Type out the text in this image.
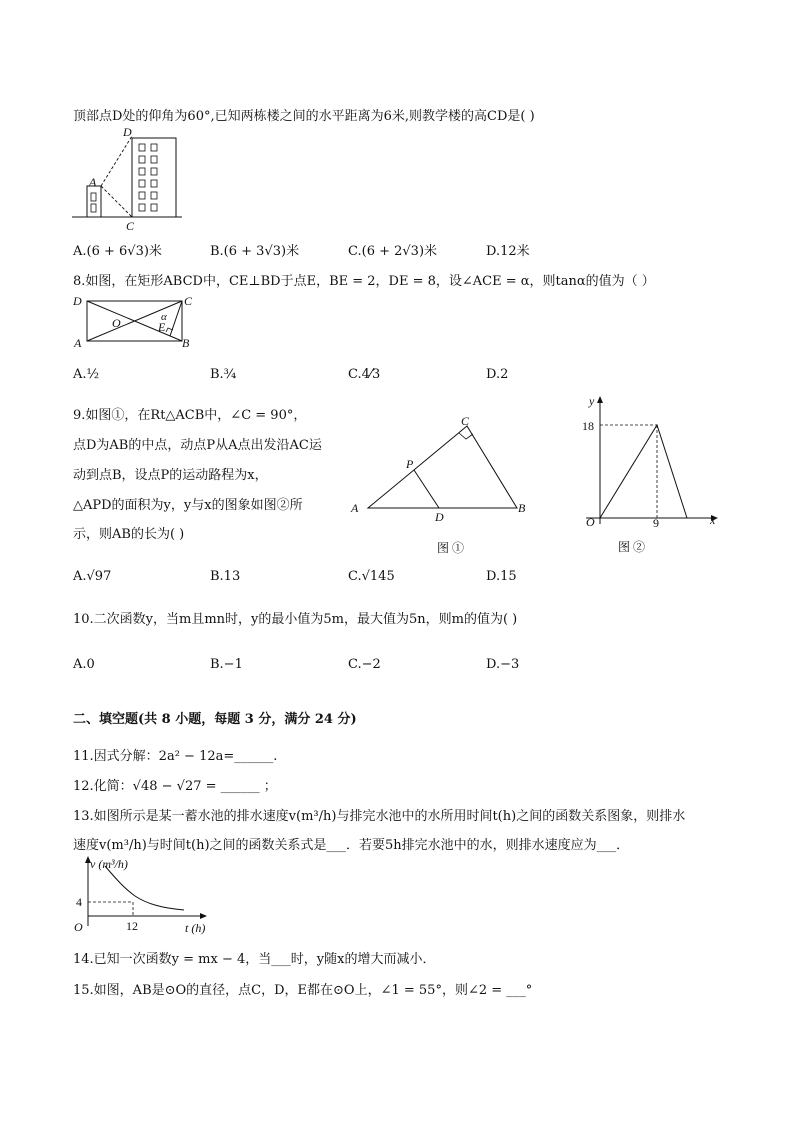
顶部点D处的仰角为60°,已知两栋楼之间的水平距离为6米,则教学楼的高CD是( )
D
A
C
A.(6 + 6√3)米	B.(6 + 3√3)米	C.(6 + 2√3)米	D.12米
8.如图，在矩形ABCD中，CE⊥BD于点E，BE = 2，DE = 8，设∠ACE = α，则tanα的值为（ ）
D	C
O	α
E
A	B
A.½	B.¾	C.4⁄3	D.2
9.如图①，在Rt△ACB中，∠C = 90°，
点D为AB的中点，动点P从A点出发沿AC运
动到点B，设点P的运动路程为x，
△APD的面积为y，y与x的图象如图②所
示，则AB的长为( )
C
P
A
D
B
图 ①
y
x
O
18
9
图 ②
A.√97	B.13	C.√145	D.15
10.二次函数y，当m且mn时，y的最小值为5m，最大值为5n，则m的值为( )
A.0	B.−1	C.−2	D.−3
二、填空题(共 8 小题，每题 3 分，满分 24 分)
11.因式分解：2a² − 12a=______.
12.化简：√48 − √27 = ______ ；
13.如图所示是某一蓄水池的排水速度v(m³/h)与排完水池中的水所用时间t(h)之间的函数关系图象，则排水
速度v(m³/h)与时间t(h)之间的函数关系式是___．若要5h排完水池中的水，则排水速度应为___．
v (m³/h)
t (h)
O
4
12
14.已知一次函数y = mx − 4，当___时，y随x的增大而减小．
15.如图，AB是⊙O的直径，点C，D，E都在⊙O上，∠1 = 55°，则∠2 = ___°
